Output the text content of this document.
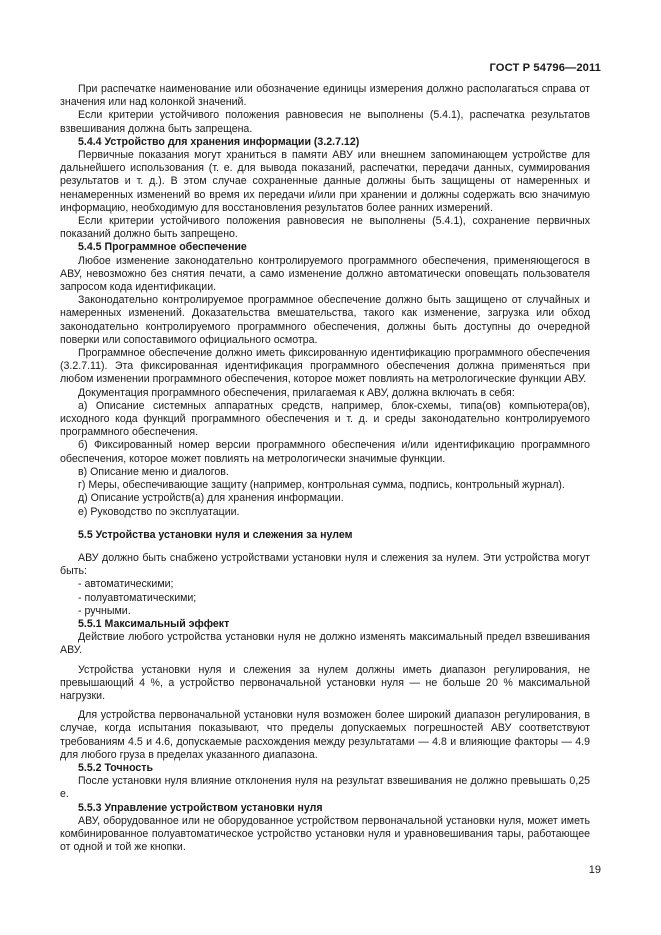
ГОСТ Р 54796—2011

При распечатке наименование или обозначение единицы измерения должно располагаться справа от значения или над колонкой значений.

Если критерии устойчивого положения равновесия не выполнены (5.4.1), распечатка результатов взвешивания должна быть запрещена.

5.4.4 Устройство для хранения информации (3.2.7.12)

Первичные показания могут храниться в памяти АВУ или внешнем запоминающем устройстве для дальнейшего использования (т. е. для вывода показаний, распечатки, передачи данных, суммирования результатов и т. д.). В этом случае сохраненные данные должны быть защищены от намеренных и ненамеренных изменений во время их передачи и/или при хранении и должны содержать всю значимую информацию, необходимую для восстановления результатов более ранних измерений.

Если критерии устойчивого положения равновесия не выполнены (5.4.1), сохранение первичных показаний должно быть запрещено.

5.4.5 Программное обеспечение

Любое изменение законодательно контролируемого программного обеспечения, применяющегося в АВУ, невозможно без снятия печати, а само изменение должно автоматически оповещать пользователя запросом кода идентификации.

Законодательно контролируемое программное обеспечение должно быть защищено от случайных и намеренных изменений. Доказательства вмешательства, такого как изменение, загрузка или обход законодательно контролируемого программного обеспечения, должны быть доступны до очередной поверки или сопоставимого официального осмотра.

Программное обеспечение должно иметь фиксированную идентификацию программного обеспечения (3.2.7.11). Эта фиксированная идентификация программного обеспечения должна применяться при любом изменении программного обеспечения, которое может повлиять на метрологические функции АВУ.

Документация программного обеспечения, прилагаемая к АВУ, должна включать в себя:

а) Описание системных аппаратных средств, например, блок-схемы, типа(ов) компьютера(ов), исходного кода функций программного обеспечения и т. д. и среды законодательно контролируемого программного обеспечения.

б) Фиксированный номер версии программного обеспечения и/или идентификацию программного обеспечения, которое может повлиять на метрологически значимые функции.

в) Описание меню и диалогов.

г) Меры, обеспечивающие защиту (например, контрольная сумма, подпись, контрольный журнал).

д) Описание устройств(а) для хранения информации.

е) Руководство по эксплуатации.

5.5 Устройства установки нуля и слежения за нулем

АВУ должно быть снабжено устройствами установки нуля и слежения за нулем. Эти устройства могут быть:

- автоматическими;

- полуавтоматическими;

- ручными.

5.5.1 Максимальный эффект

Действие любого устройства установки нуля не должно изменять максимальный предел взвешивания АВУ.

Устройства установки нуля и слежения за нулем должны иметь диапазон регулирования, не превышающий 4 %, а устройство первоначальной установки нуля — не больше 20 % максимальной нагрузки.

Для устройства первоначальной установки нуля возможен более широкий диапазон регулирования, в случае, когда испытания показывают, что пределы допускаемых погрешностей АВУ соответствуют требованиям 4.5 и 4.6, допускаемые расхождения между результатами — 4.8 и влияющие факторы — 4.9 для любого груза в пределах указанного диапазона.

5.5.2 Точность

После установки нуля влияние отклонения нуля на результат взвешивания не должно превышать 0,25 e.

5.5.3 Управление устройством установки нуля

АВУ, оборудованное или не оборудованное устройством первоначальной установки нуля, может иметь комбинированное полуавтоматическое устройство установки нуля и уравновешивания тары, работающее от одной и той же кнопки.

19
